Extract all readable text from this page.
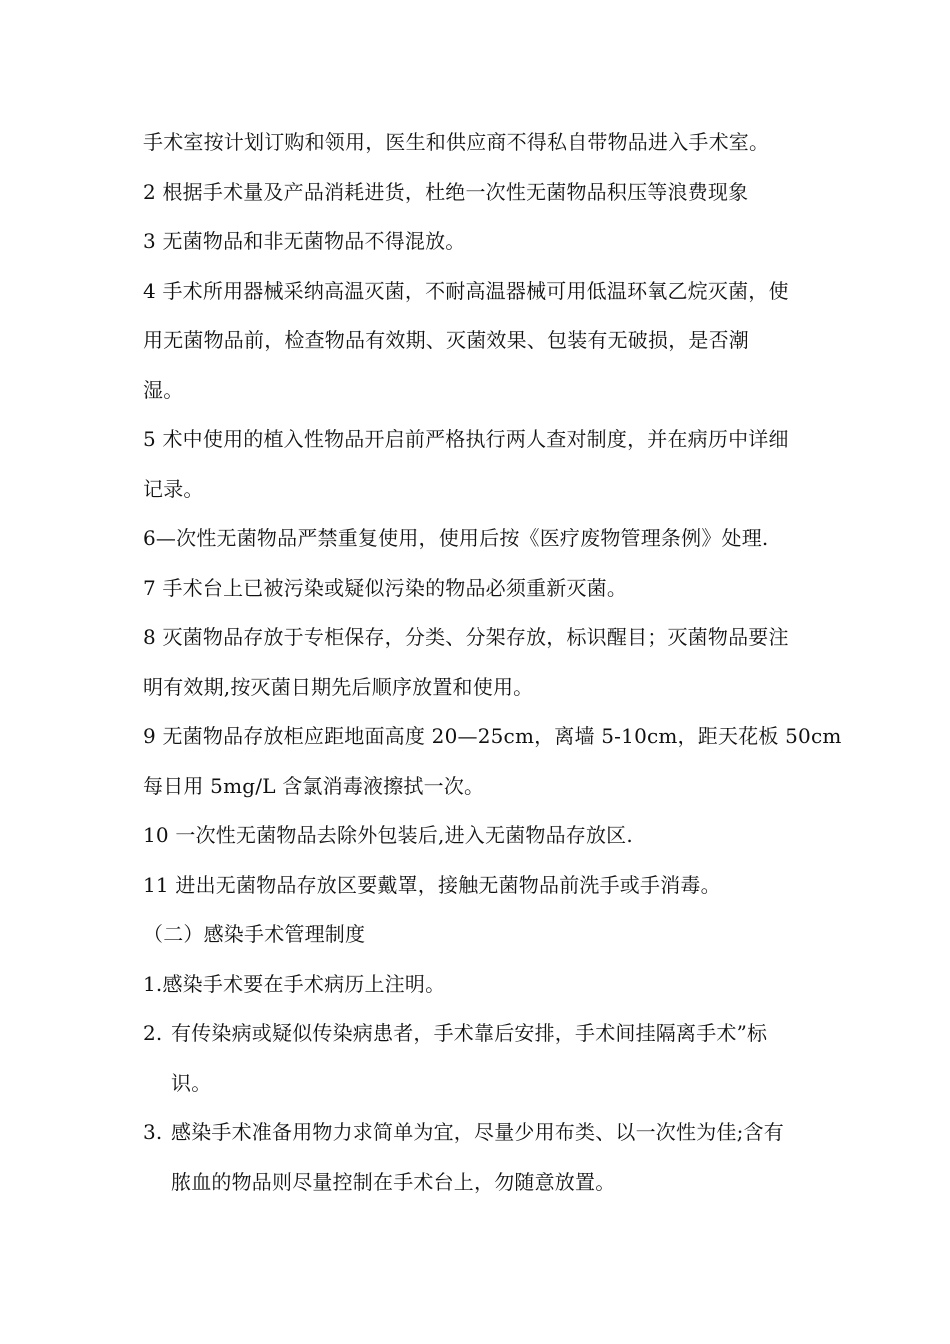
手术室按计划订购和领用，医生和供应商不得私自带物品进入手术室。
2 根据手术量及产品消耗进货，杜绝一次性无菌物品积压等浪费现象
3 无菌物品和非无菌物品不得混放。
4 手术所用器械采纳高温灭菌，不耐高温器械可用低温环氧乙烷灭菌，使
用无菌物品前，检查物品有效期、灭菌效果、包装有无破损，是否潮
湿。
5 术中使用的植入性物品开启前严格执行两人查对制度，并在病历中详细
记录。
6—次性无菌物品严禁重复使用，使用后按《医疗废物管理条例》处理.
7 手术台上已被污染或疑似污染的物品必须重新灭菌。
8 灭菌物品存放于专柜保存，分类、分架存放，标识醒目；灭菌物品要注
明有效期,按灭菌日期先后顺序放置和使用。
9 无菌物品存放柜应距地面高度 20—25cm，离墙 5-10cm，距天花板 50cm
每日用 5mg/L 含氯消毒液擦拭一次。
10 一次性无菌物品去除外包装后,进入无菌物品存放区.
11 进出无菌物品存放区要戴罩，接触无菌物品前洗手或手消毒。
（二）感染手术管理制度
1.感染手术要在手术病历上注明。
2. 有传染病或疑似传染病患者，手术靠后安排，手术间挂隔离手术”标
识。
3. 感染手术准备用物力求简单为宜，尽量少用布类、以一次性为佳;含有
脓血的物品则尽量控制在手术台上，勿随意放置。
